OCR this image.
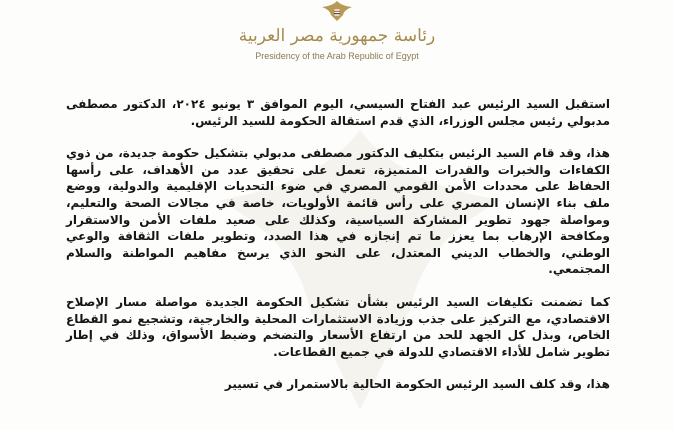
رئاسة جمهورية مصر العربية
Presidency of the Arab Republic of Egypt

استقبل السيد الرئيس عبد الفتاح السيسي، اليوم الموافق ٣ يونيو ٢٠٢٤، الدكتور مصطفى مدبولي رئيس مجلس الوزراء، الذي قدم استقالة الحكومة للسيد الرئيس.

هذا، وقد قام السيد الرئيس بتكليف الدكتور مصطفى مدبولي بتشكيل حكومة جديدة، من ذوي الكفاءات والخبرات والقدرات المتميزة، تعمل على تحقيق عدد من الأهداف، على رأسها الحفاظ على محددات الأمن القومي المصري في ضوء التحديات الإقليمية والدولية، ووضع ملف بناء الإنسان المصري على رأس قائمة الأولويات، خاصة في مجالات الصحة والتعليم، ومواصلة جهود تطوير المشاركة السياسية، وكذلك على صعيد ملفات الأمن والاستقرار ومكافحة الإرهاب بما يعزز ما تم إنجازه في هذا الصدد، وتطوير ملفات الثقافة والوعي الوطني، والخطاب الديني المعتدل، على النحو الذي يرسخ مفاهيم المواطنة والسلام المجتمعي.

كما تضمنت تكليفات السيد الرئيس بشأن تشكيل الحكومة الجديدة مواصلة مسار الإصلاح الاقتصادي، مع التركيز على جذب وزيادة الاستثمارات المحلية والخارجية، وتشجيع نمو القطاع الخاص، وبذل كل الجهد للحد من ارتفاع الأسعار والتضخم وضبط الأسواق، وذلك في إطار تطوير شامل للأداء الاقتصادي للدولة في جميع القطاعات.

هذا، وقد كلف السيد الرئيس الحكومة الحالية بالاستمرار في تسيير
